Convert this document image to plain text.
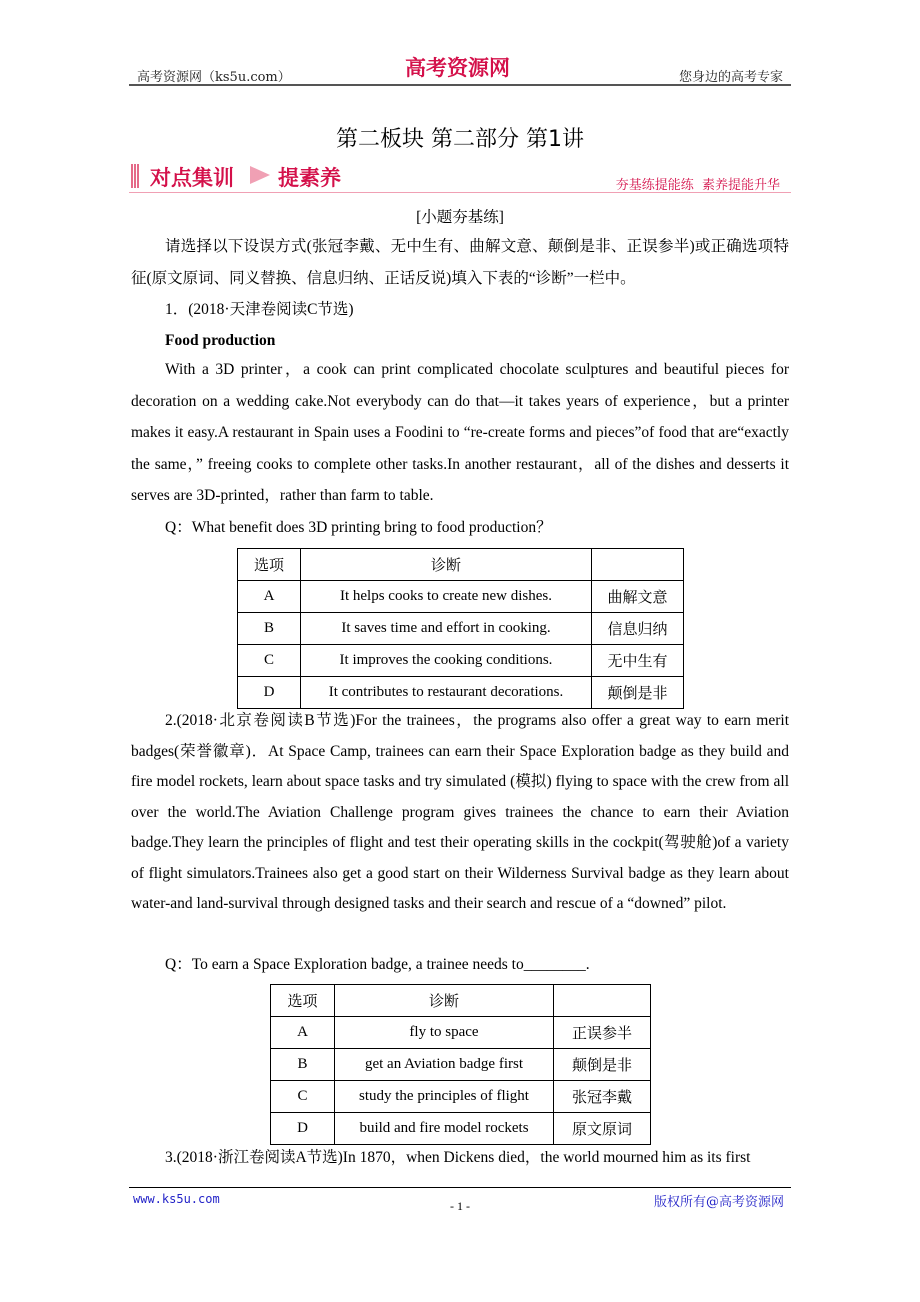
高考资源网（ks5u.com）	高考资源网	您身边的高考专家
第二板块 第二部分 第1讲
对点集训 提素养	夯基练提能练  素养提能升华
[小题夯基练]
请选择以下设误方式(张冠李戴、无中生有、曲解文意、颠倒是非、正误参半)或正确选项特征(原文原词、同义替换、信息归纳、正话反说)填入下表的“诊断”一栏中。
1．(2018·天津卷阅读C节选)
Food production
With a 3D printer，a cook can print complicated chocolate sculptures and beautiful pieces for decoration on a wedding cake.Not everybody can do that—it takes years of experience，but a printer makes it easy.A restaurant in Spain uses a Foodini to “re-create forms and pieces”of food that are“exactly the same，” freeing cooks to complete other tasks.In another restaurant，all of the dishes and desserts it serves are 3D-printed，rather than farm to table.
Q：What benefit does 3D printing bring to food production？
选项	诊断	
A	It helps cooks to create new dishes.	曲解文意
B	It saves time and effort in cooking.	信息归纳
C	It improves the cooking conditions.	无中生有
D	It contributes to restaurant decorations.	颠倒是非
2.(2018·北京卷阅读B节选)For the trainees，the programs also offer a great way to earn merit badges(荣誉徽章)．At Space Camp, trainees can earn their Space Exploration badge as they build and fire model rockets, learn about space tasks and try simulated (模拟) flying to space with the crew from all over the world.The Aviation Challenge program gives trainees the chance to earn their Aviation badge.They learn the principles of flight and test their operating skills in the cockpit(驾驶舱)of a variety of flight simulators.Trainees also get a good start on their Wilderness Survival badge as they learn about water-and land-survival through designed tasks and their search and rescue of a “downed” pilot.
Q：To earn a Space Exploration badge, a trainee needs to________.
选项	诊断	
A	fly to space	正误参半
B	get an Aviation badge first	颠倒是非
C	study the principles of flight	张冠李戴
D	build and fire model rockets	原文原词
3.(2018·浙江卷阅读A节选)In 1870，when Dickens died，the world mourned him as its first
www.ks5u.com	- 1 -	版权所有@高考资源网
